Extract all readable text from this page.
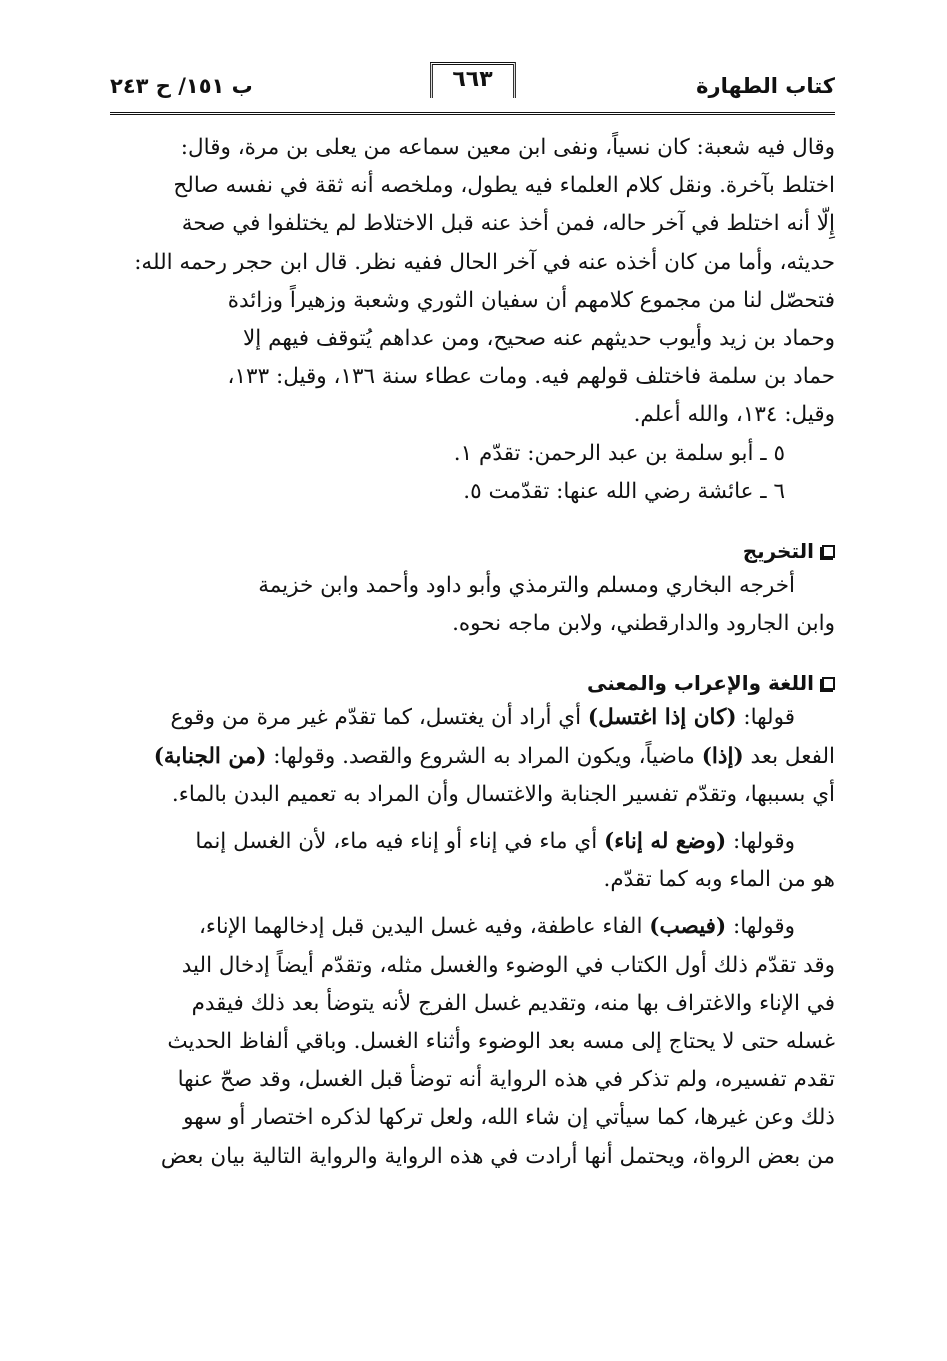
كتاب الطهارة
٦٦٣
ب ١٥١/ ح ٢٤٣

وقال فيه شعبة: كان نسياً، ونفى ابن معين سماعه من يعلى بن مرة، وقال:

اختلط بآخرة. ونقل كلام العلماء فيه يطول، وملخصه أنه ثقة في نفسه صالح

إِلّا أنه اختلط في آخر حاله، فمن أخذ عنه قبل الاختلاط لم يختلفوا في صحة

حديثه، وأما من كان أخذه عنه في آخر الحال ففيه نظر. قال ابن حجر رحمه الله:

فتحصّل لنا من مجموع كلامهم أن سفيان الثوري وشعبة وزهيراً وزائدة

وحماد بن زيد وأيوب حديثهم عنه صحيح، ومن عداهم يُتوقف فيهم إلا

حماد بن سلمة فاختلف قولهم فيه. ومات عطاء سنة ١٣٦، وقيل: ١٣٣،

وقيل: ١٣٤، والله أعلم.

٥ ـ أبو سلمة بن عبد الرحمن: تقدّم ١.

٦ ـ عائشة رضي الله عنها: تقدّمت ٥.

التخريج

أخرجه البخاري ومسلم والترمذي وأبو داود وأحمد وابن خزيمة

وابن الجارود والدارقطني، ولابن ماجه نحوه.

اللغة والإعراب والمعنى

قولها: (كان إذا اغتسل) أي أراد أن يغتسل، كما تقدّم غير مرة من وقوع

الفعل بعد (إذا) ماضياً، ويكون المراد به الشروع والقصد. وقولها: (من الجنابة)

أي بسببها، وتقدّم تفسير الجنابة والاغتسال وأن المراد به تعميم البدن بالماء.

وقولها: (وضع له إناء) أي ماء في إناء أو إناء فيه ماء، لأن الغسل إنما

هو من الماء وبه كما تقدّم.

وقولها: (فيصب) الفاء عاطفة، وفيه غسل اليدين قبل إدخالهما الإناء،

وقد تقدّم ذلك أول الكتاب في الوضوء والغسل مثله، وتقدّم أيضاً إدخال اليد

في الإناء والاغتراف بها منه، وتقديم غسل الفرج لأنه يتوضأ بعد ذلك فيقدم

غسله حتى لا يحتاج إلى مسه بعد الوضوء وأثناء الغسل. وباقي ألفاظ الحديث

تقدم تفسيره، ولم تذكر في هذه الرواية أنه توضأ قبل الغسل، وقد صحّ عنها

ذلك وعن غيرها، كما سيأتي إن شاء الله، ولعل تركها لذكره اختصار أو سهو

من بعض الرواة، ويحتمل أنها أرادت في هذه الرواية والرواية التالية بيان بعض
